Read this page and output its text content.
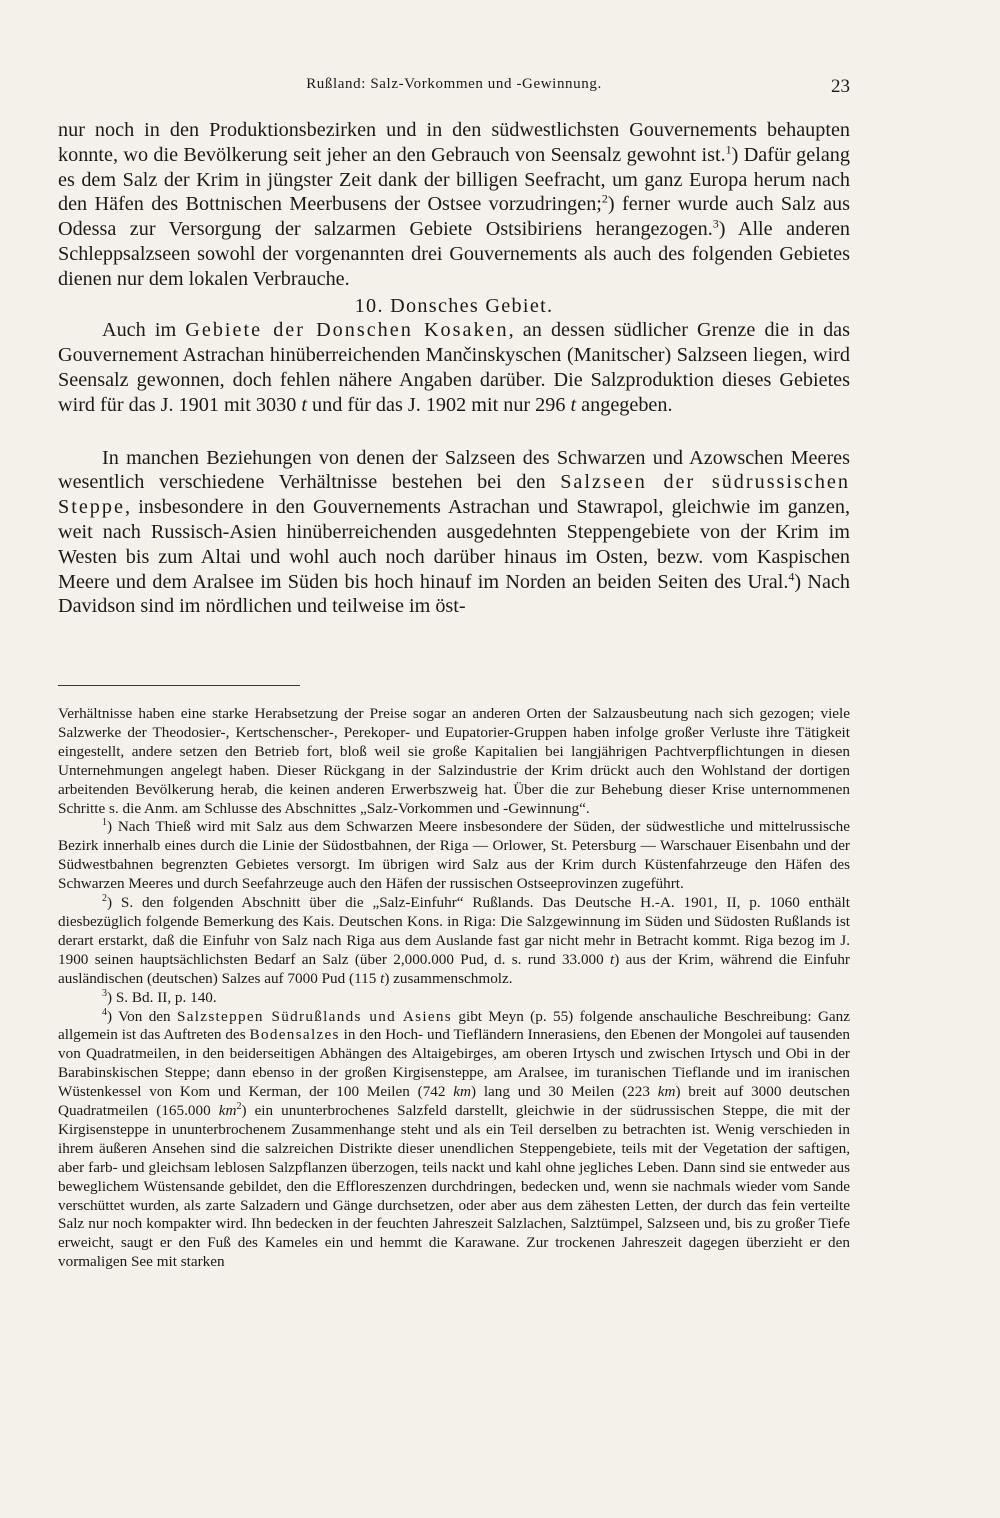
Rußland: Salz-Vorkommen und -Gewinnung.	23

nur noch in den Produktionsbezirken und in den südwestlichsten Gouvernements behaupten konnte, wo die Bevölkerung seit jeher an den Gebrauch von Seensalz gewohnt ist.$^1$) Dafür gelang es dem Salz der Krim in jüngster Zeit dank der billigen Seefracht, um ganz Europa herum nach den Häfen des Bottnischen Meerbusens der Ostsee vorzudringen;$^2$) ferner wurde auch Salz aus Odessa zur Versorgung der salzarmen Gebiete Ostsibiriens herangezogen.$^3$) Alle anderen Schleppsalzseen sowohl der vorgenannten drei Gouvernements als auch des folgenden Gebietes dienen nur dem lokalen Verbrauche.

10. Donsches Gebiet.

Auch im Gebiete der Donschen Kosaken, an dessen südlicher Grenze die in das Gouvernement Astrachan hinüberreichenden Mančinskyschen (Manitscher) Salzseen liegen, wird Seensalz gewonnen, doch fehlen nähere Angaben darüber. Die Salzproduktion dieses Gebietes wird für das J. 1901 mit 3030 t und für das J. 1902 mit nur 296 t angegeben.

In manchen Beziehungen von denen der Salzseen des Schwarzen und Azowschen Meeres wesentlich verschiedene Verhältnisse bestehen bei den Salzseen der südrussischen Steppe, insbesondere in den Gouvernements Astrachan und Stawrapol, gleichwie im ganzen, weit nach Russisch-Asien hinüberreichenden ausgedehnten Steppengebiete von der Krim im Westen bis zum Altai und wohl auch noch darüber hinaus im Osten, bezw. vom Kaspischen Meere und dem Aralsee im Süden bis hoch hinauf im Norden an beiden Seiten des Ural.$^4$) Nach Davidson sind im nördlichen und teilweise im öst-

Verhältnisse haben eine starke Herabsetzung der Preise sogar an anderen Orten der Salzausbeutung nach sich gezogen; viele Salzwerke der Theodosier-, Kertschenscher-, Perekoper- und Eupatorier-Gruppen haben infolge großer Verluste ihre Tätigkeit eingestellt, andere setzen den Betrieb fort, bloß weil sie große Kapitalien bei langjährigen Pachtverpflichtungen in diesen Unternehmungen angelegt haben. Dieser Rückgang in der Salzindustrie der Krim drückt auch den Wohlstand der dortigen arbeitenden Bevölkerung herab, die keinen anderen Erwerbszweig hat. Über die zur Behebung dieser Krise unternommenen Schritte s. die Anm. am Schlusse des Abschnittes „Salz-Vorkommen und -Gewinnung“.

$^1$) Nach Thieß wird mit Salz aus dem Schwarzen Meere insbesondere der Süden, der südwestliche und mittelrussische Bezirk innerhalb eines durch die Linie der Südostbahnen, der Riga — Orlower, St. Petersburg — Warschauer Eisenbahn und der Südwestbahnen begrenzten Gebietes versorgt. Im übrigen wird Salz aus der Krim durch Küstenfahrzeuge den Häfen des Schwarzen Meeres und durch Seefahrzeuge auch den Häfen der russischen Ostseeprovinzen zugeführt.

$^2$) S. den folgenden Abschnitt über die „Salz-Einfuhr“ Rußlands. Das Deutsche H.-A. 1901, II, p. 1060 enthält diesbezüglich folgende Bemerkung des Kais. Deutschen Kons. in Riga: Die Salzgewinnung im Süden und Südosten Rußlands ist derart erstarkt, daß die Einfuhr von Salz nach Riga aus dem Auslande fast gar nicht mehr in Betracht kommt. Riga bezog im J. 1900 seinen hauptsächlichsten Bedarf an Salz (über 2,000.000 Pud, d. s. rund 33.000 t) aus der Krim, während die Einfuhr ausländischen (deutschen) Salzes auf 7000 Pud (115 t) zusammenschmolz.

$^3$) S. Bd. II, p. 140.

$^4$) Von den Salzsteppen Südrußlands und Asiens gibt Meyn (p. 55) folgende anschauliche Beschreibung: Ganz allgemein ist das Auftreten des Bodensalzes in den Hoch- und Tiefländern Innerasiens, den Ebenen der Mongolei auf tausenden von Quadratmeilen, in den beiderseitigen Abhängen des Altaigebirges, am oberen Irtysch und zwischen Irtysch und Obi in der Barabinskischen Steppe; dann ebenso in der großen Kirgisensteppe, am Aralsee, im turanischen Tieflande und im iranischen Wüstenkessel von Kom und Kerman, der 100 Meilen (742 km) lang und 30 Meilen (223 km) breit auf 3000 deutschen Quadratmeilen (165.000 $km^2$) ein ununterbrochenes Salzfeld darstellt, gleichwie in der südrussischen Steppe, die mit der Kirgisensteppe in ununterbrochenem Zusammenhange steht und als ein Teil derselben zu betrachten ist. Wenig verschieden in ihrem äußeren Ansehen sind die salzreichen Distrikte dieser unendlichen Steppengebiete, teils mit der Vegetation der saftigen, aber farb- und gleichsam leblosen Salzpflanzen überzogen, teils nackt und kahl ohne jegliches Leben. Dann sind sie entweder aus beweglichem Wüstensande gebildet, den die Effloreszenzen durchdringen, bedecken und, wenn sie nachmals wieder vom Sande verschüttet wurden, als zarte Salzadern und Gänge durchsetzen, oder aber aus dem zähesten Letten, der durch das fein verteilte Salz nur noch kompakter wird. Ihn bedecken in der feuchten Jahreszeit Salzlachen, Salztümpel, Salzseen und, bis zu großer Tiefe erweicht, saugt er den Fuß des Kameles ein und hemmt die Karawane. Zur trockenen Jahreszeit dagegen überzieht er den vormaligen See mit starken
